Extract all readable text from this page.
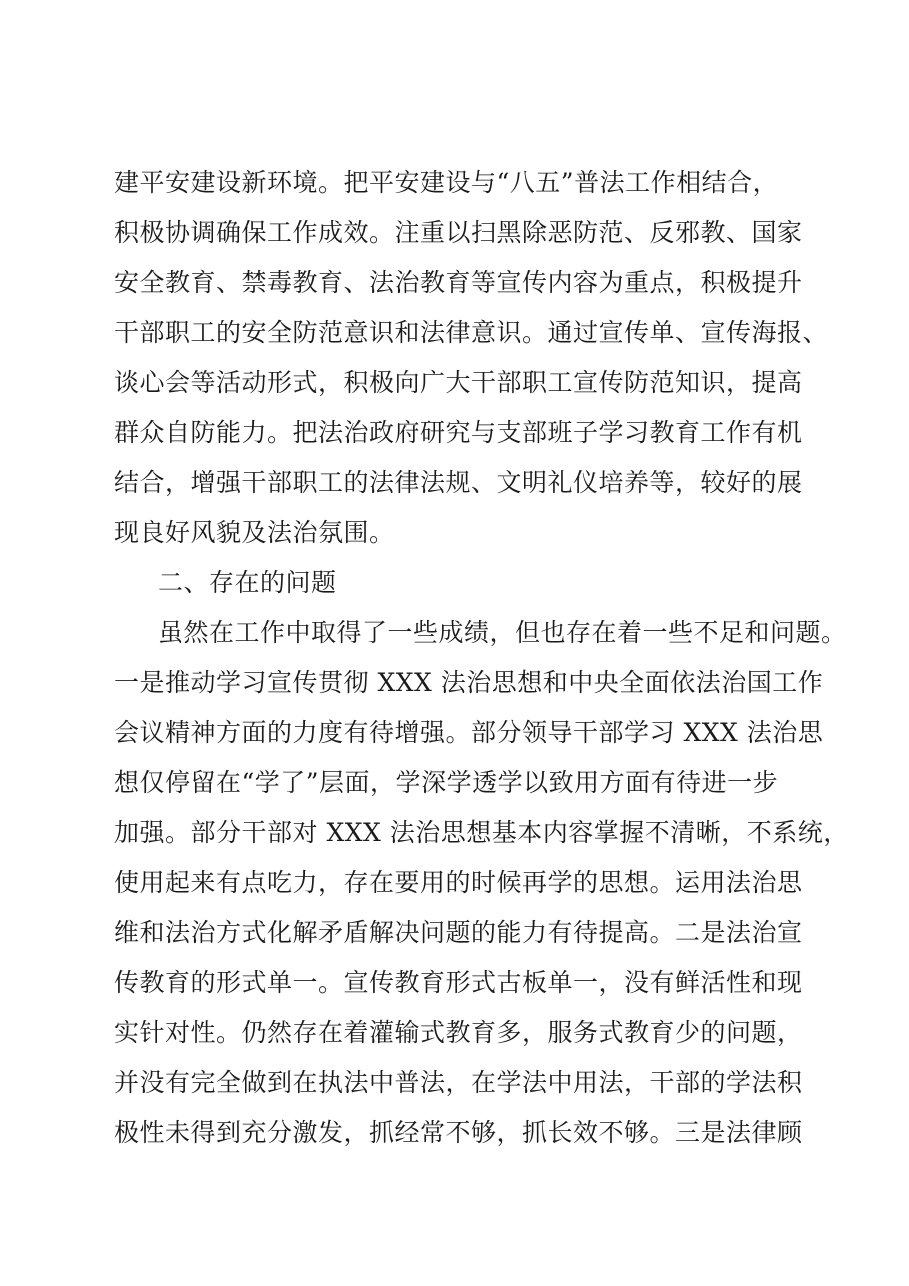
建平安建设新环境。把平安建设与“八五”普法工作相结合，
积极协调确保工作成效。注重以扫黑除恶防范、反邪教、国家
安全教育、禁毒教育、法治教育等宣传内容为重点，积极提升
干部职工的安全防范意识和法律意识。通过宣传单、宣传海报、
谈心会等活动形式，积极向广大干部职工宣传防范知识，提高
群众自防能力。把法治政府研究与支部班子学习教育工作有机
结合，增强干部职工的法律法规、文明礼仪培养等，较好的展
现良好风貌及法治氛围。
二、存在的问题
虽然在工作中取得了一些成绩，但也存在着一些不足和问题。
一是推动学习宣传贯彻 XXX 法治思想和中央全面依法治国工作
会议精神方面的力度有待增强。部分领导干部学习 XXX 法治思
想仅停留在“学了”层面，学深学透学以致用方面有待进一步
加强。部分干部对 XXX 法治思想基本内容掌握不清晰，不系统，
使用起来有点吃力，存在要用的时候再学的思想。运用法治思
维和法治方式化解矛盾解决问题的能力有待提高。二是法治宣
传教育的形式单一。宣传教育形式古板单一，没有鲜活性和现
实针对性。仍然存在着灌输式教育多，服务式教育少的问题，
并没有完全做到在执法中普法，在学法中用法，干部的学法积
极性未得到充分激发，抓经常不够，抓长效不够。三是法律顾
